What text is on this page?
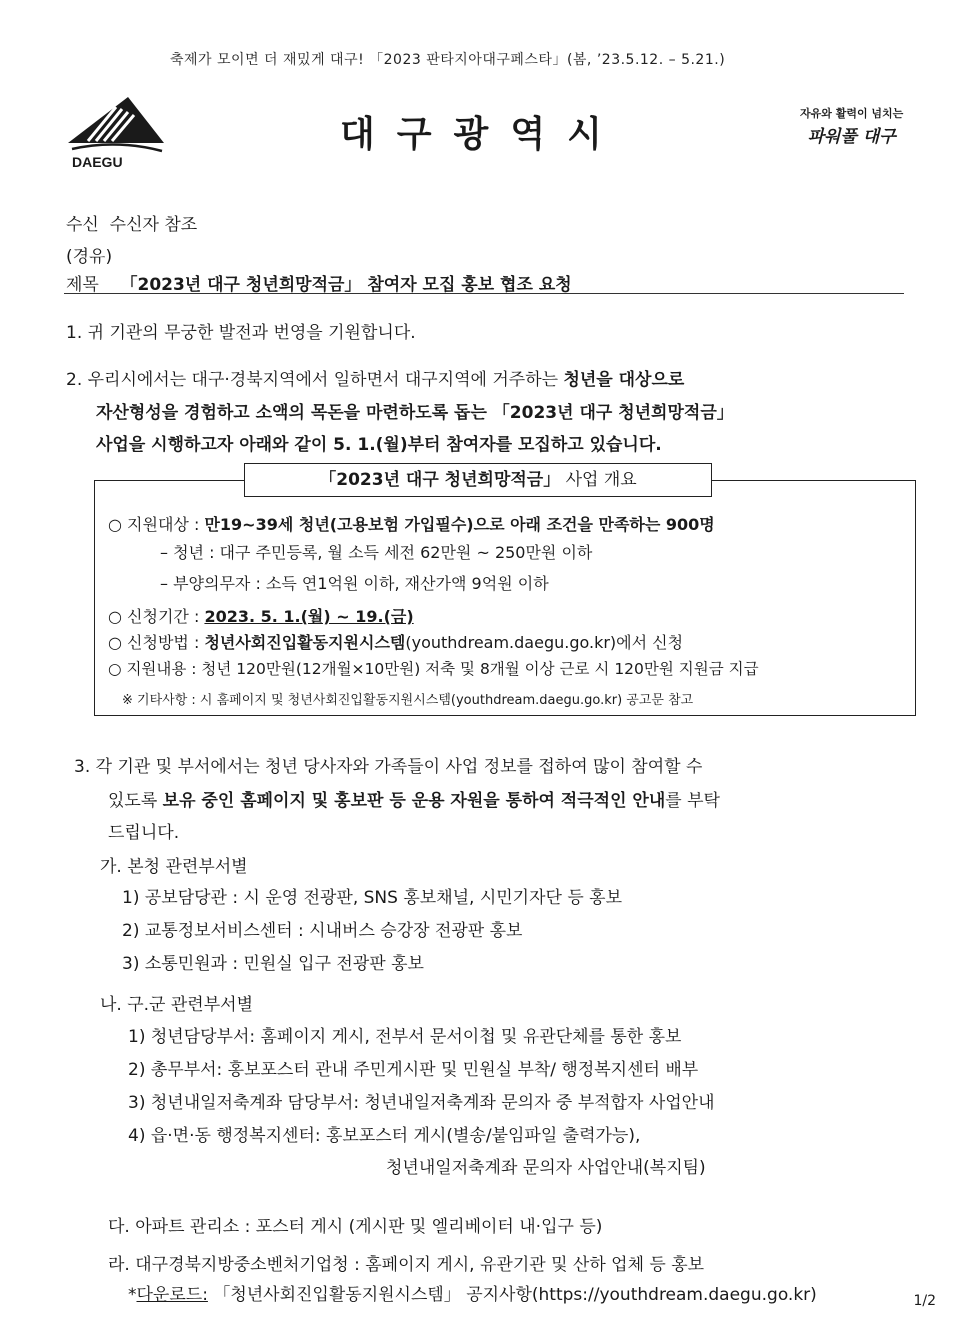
축제가 모이면 더 재밌게 대구! 「2023 판타지아대구페스타」(봄, ’23.5.12. – 5.21.)
DAEGU
대구광역시
자유와 활력이 넘치는
파워풀 대구
수신 수신자 참조
(경유)
제목 「2023년 대구 청년희망적금」 참여자 모집 홍보 협조 요청
1. 귀 기관의 무궁한 발전과 번영을 기원합니다.
2. 우리시에서는 대구·경북지역에서 일하면서 대구지역에 거주하는 청년을 대상으로
자산형성을 경험하고 소액의 목돈을 마련하도록 돕는 「2023년 대구 청년희망적금」
사업을 시행하고자 아래와 같이 5. 1.(월)부터 참여자를 모집하고 있습니다.
「2023년 대구 청년희망적금」 사업 개요
○ 지원대상 : 만19~39세 청년(고용보험 가입필수)으로 아래 조건을 만족하는 900명
– 청년 : 대구 주민등록, 월 소득 세전 62만원 ~ 250만원 이하
– 부양의무자 : 소득 연1억원 이하, 재산가액 9억원 이하
○ 신청기간 : 2023. 5. 1.(월) ~ 19.(금)
○ 신청방법 : 청년사회진입활동지원시스템(youthdream.daegu.go.kr)에서 신청
○ 지원내용 : 청년 120만원(12개월×10만원) 저축 및 8개월 이상 근로 시 120만원 지원금 지급
※ 기타사항 : 시 홈페이지 및 청년사회진입활동지원시스템(youthdream.daegu.go.kr) 공고문 참고
3. 각 기관 및 부서에서는 청년 당사자와 가족들이 사업 정보를 접하여 많이 참여할 수
있도록 보유 중인 홈페이지 및 홍보판 등 운용 자원을 통하여 적극적인 안내를 부탁
드립니다.
가. 본청 관련부서별
1) 공보담당관 : 시 운영 전광판, SNS 홍보채널, 시민기자단 등 홍보
2) 교통정보서비스센터 : 시내버스 승강장 전광판 홍보
3) 소통민원과 : 민원실 입구 전광판 홍보
나. 구.군 관련부서별
1) 청년담당부서: 홈페이지 게시, 전부서 문서이첩 및 유관단체를 통한 홍보
2) 총무부서: 홍보포스터 관내 주민게시판 및 민원실 부착/ 행정복지센터 배부
3) 청년내일저축계좌 담당부서: 청년내일저축계좌 문의자 중 부적합자 사업안내
4) 읍·면·동 행정복지센터: 홍보포스터 게시(별송/붙임파일 출력가능),
청년내일저축계좌 문의자 사업안내(복지팀)
다. 아파트 관리소 : 포스터 게시 (게시판 및 엘리베이터 내·입구 등)
라. 대구경북지방중소벤처기업청 : 홈페이지 게시, 유관기관 및 산하 업체 등 홍보
*다운로드: 「청년사회진입활동지원시스템」 공지사항(https://youthdream.daegu.go.kr)	1/2
